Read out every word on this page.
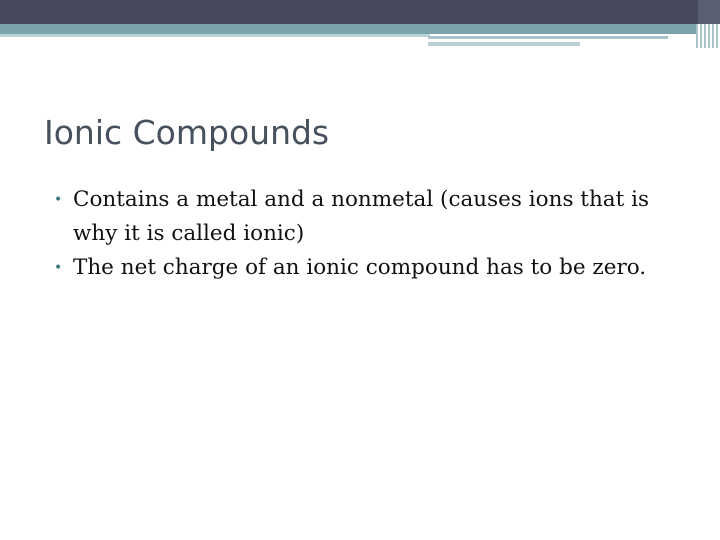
Ionic Compounds
• Contains a metal and a nonmetal (causes ions that is why it is called ionic)
• The net charge of an ionic compound has to be zero.
